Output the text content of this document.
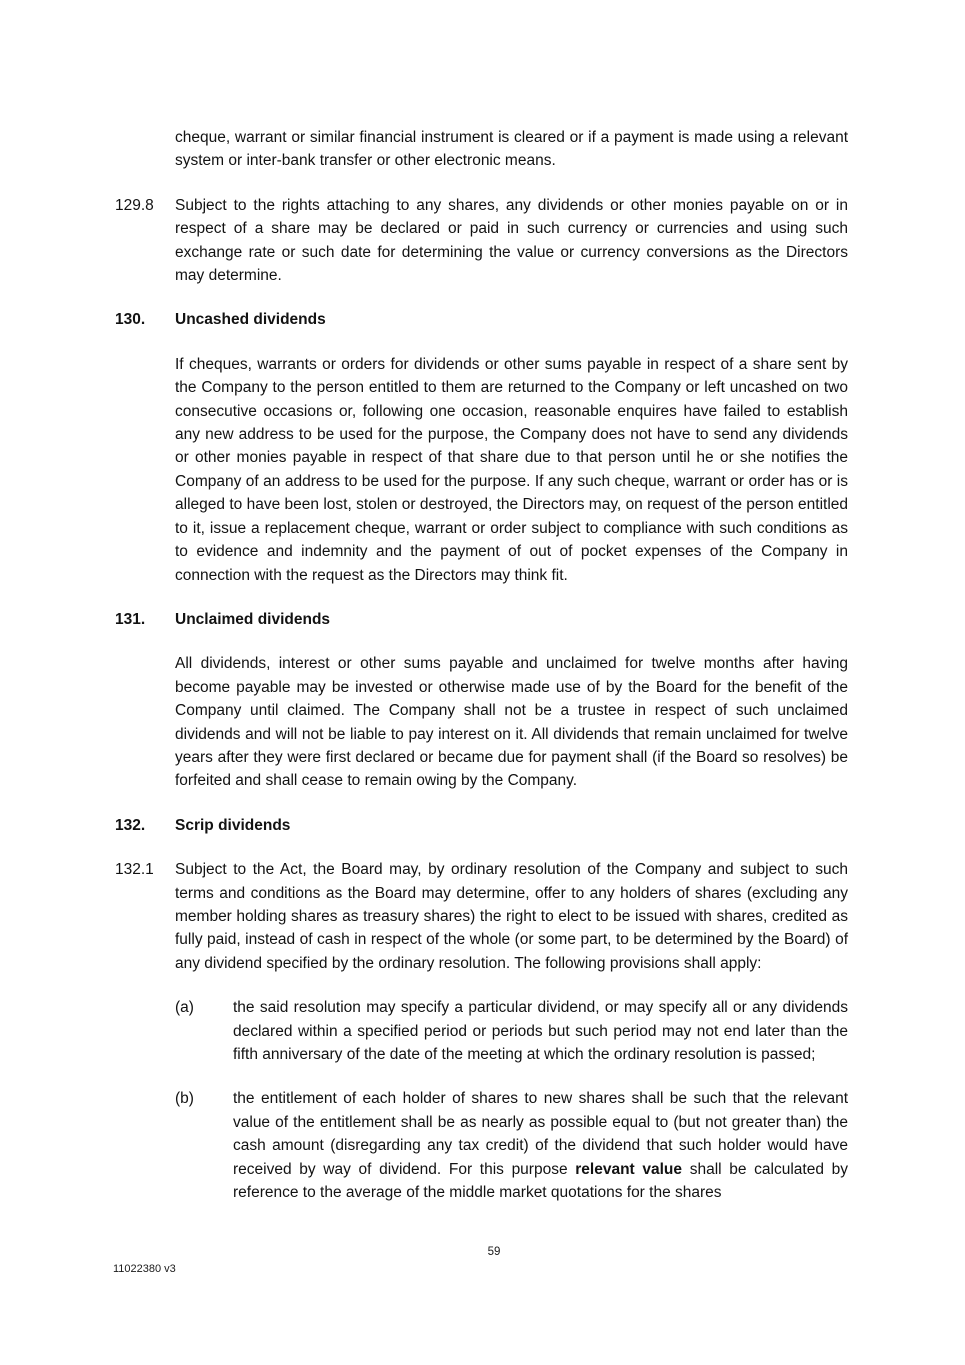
cheque, warrant or similar financial instrument is cleared or if a payment is made using a relevant system or inter-bank transfer or other electronic means.

129.8	Subject to the rights attaching to any shares, any dividends or other monies payable on or in respect of a share may be declared or paid in such currency or currencies and using such exchange rate or such date for determining the value or currency conversions as the Directors may determine.

130.	Uncashed dividends

If cheques, warrants or orders for dividends or other sums payable in respect of a share sent by the Company to the person entitled to them are returned to the Company or left uncashed on two consecutive occasions or, following one occasion, reasonable enquires have failed to establish any new address to be used for the purpose, the Company does not have to send any dividends or other monies payable in respect of that share due to that person until he or she notifies the Company of an address to be used for the purpose. If any such cheque, warrant or order has or is alleged to have been lost, stolen or destroyed, the Directors may, on request of the person entitled to it, issue a replacement cheque, warrant or order subject to compliance with such conditions as to evidence and indemnity and the payment of out of pocket expenses of the Company in connection with the request as the Directors may think fit.

131.	Unclaimed dividends

All dividends, interest or other sums payable and unclaimed for twelve months after having become payable may be invested or otherwise made use of by the Board for the benefit of the Company until claimed. The Company shall not be a trustee in respect of such unclaimed dividends and will not be liable to pay interest on it. All dividends that remain unclaimed for twelve years after they were first declared or became due for payment shall (if the Board so resolves) be forfeited and shall cease to remain owing by the Company.

132.	Scrip dividends

132.1	Subject to the Act, the Board may, by ordinary resolution of the Company and subject to such terms and conditions as the Board may determine, offer to any holders of shares (excluding any member holding shares as treasury shares) the right to elect to be issued with shares, credited as fully paid, instead of cash in respect of the whole (or some part, to be determined by the Board) of any dividend specified by the ordinary resolution. The following provisions shall apply:

(a)	the said resolution may specify a particular dividend, or may specify all or any dividends declared within a specified period or periods but such period may not end later than the fifth anniversary of the date of the meeting at which the ordinary resolution is passed;

(b)	the entitlement of each holder of shares to new shares shall be such that the relevant value of the entitlement shall be as nearly as possible equal to (but not greater than) the cash amount (disregarding any tax credit) of the dividend that such holder would have received by way of dividend. For this purpose relevant value shall be calculated by reference to the average of the middle market quotations for the shares

59
11022380 v3
